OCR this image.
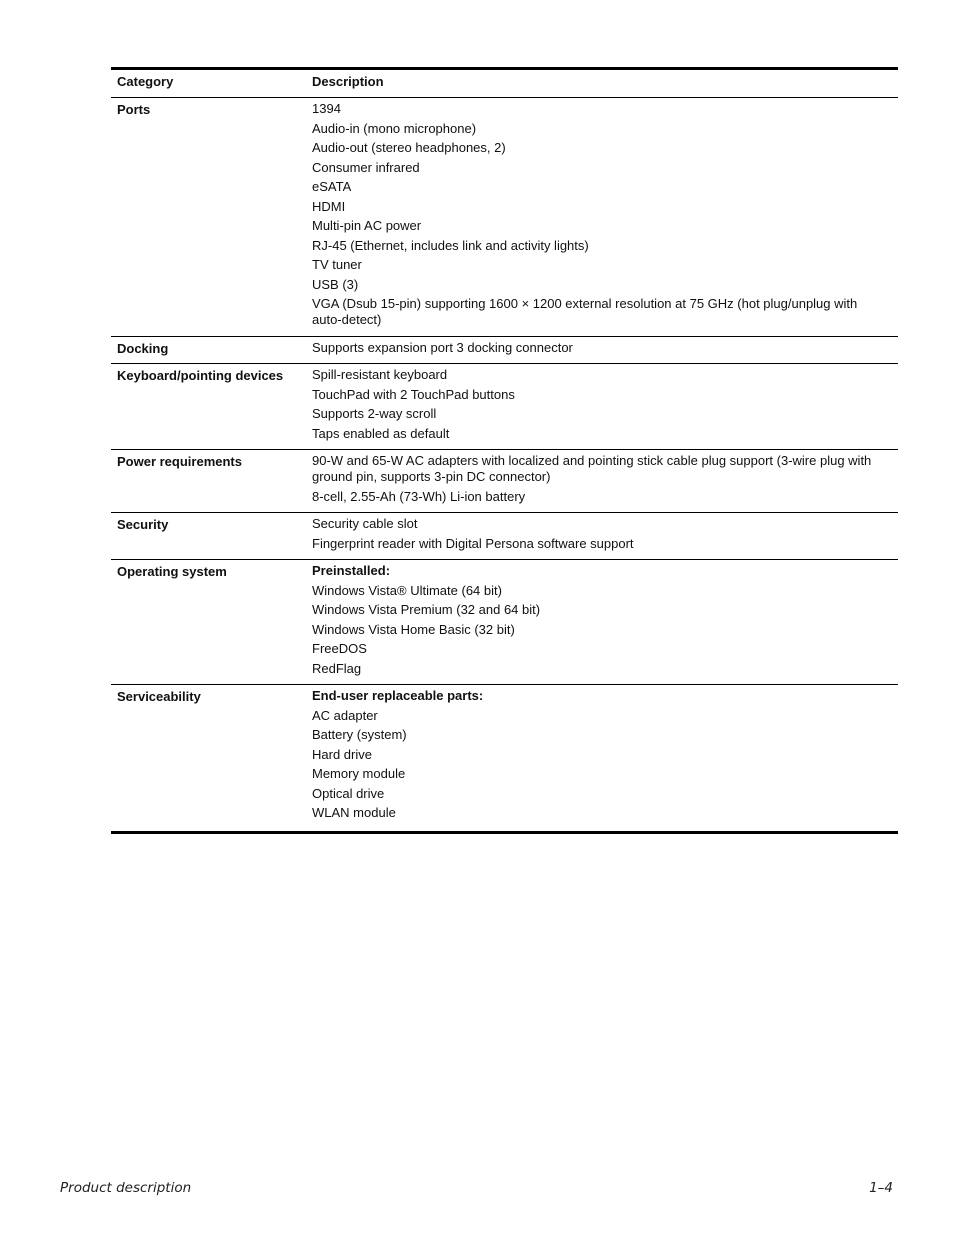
Category	Description
Ports	1394
Audio-in (mono microphone)
Audio-out (stereo headphones, 2)
Consumer infrared
eSATA
HDMI
Multi-pin AC power
RJ-45 (Ethernet, includes link and activity lights)
TV tuner
USB (3)
VGA (Dsub 15-pin) supporting 1600 × 1200 external resolution at 75 GHz (hot plug/unplug with auto-detect)
Docking	Supports expansion port 3 docking connector
Keyboard/pointing devices	Spill-resistant keyboard
TouchPad with 2 TouchPad buttons
Supports 2-way scroll
Taps enabled as default
Power requirements	90-W and 65-W AC adapters with localized and pointing stick cable plug support (3-wire plug with ground pin, supports 3-pin DC connector)
8-cell, 2.55-Ah (73-Wh) Li-ion battery
Security	Security cable slot
Fingerprint reader with Digital Persona software support
Operating system	Preinstalled:
Windows Vista® Ultimate (64 bit)
Windows Vista Premium (32 and 64 bit)
Windows Vista Home Basic (32 bit)
FreeDOS
RedFlag
Serviceability	End-user replaceable parts:
AC adapter
Battery (system)
Hard drive
Memory module
Optical drive
WLAN module
Product description	1–4
